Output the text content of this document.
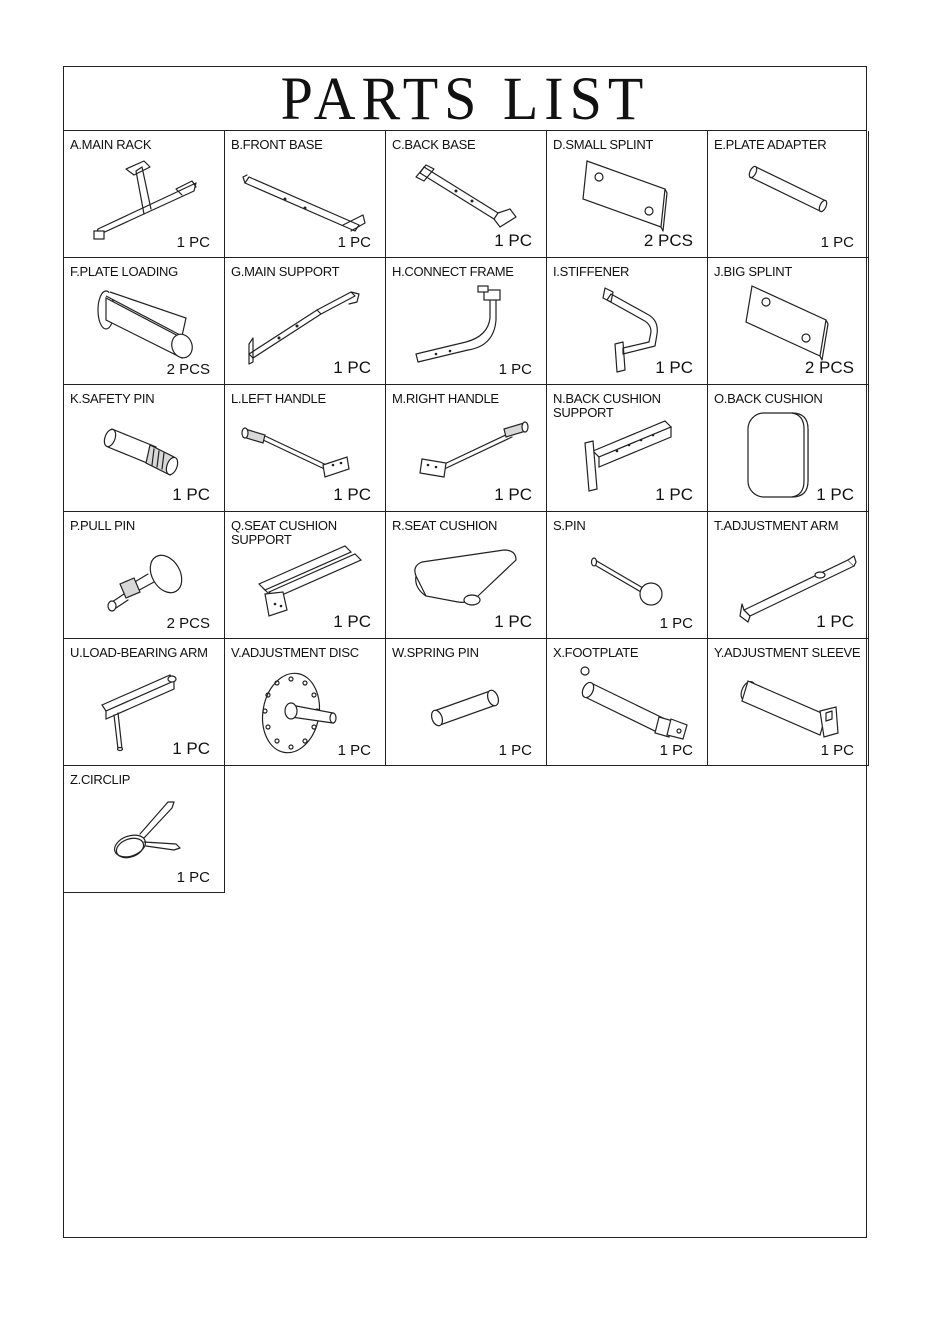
PARTS LIST
A.MAIN RACK
1 PC
B.FRONT BASE
1 PC
C.BACK BASE
1 PC
D.SMALL SPLINT
2 PCS
E.PLATE ADAPTER
1 PC
F.PLATE LOADING
2 PCS
G.MAIN SUPPORT
1 PC
H.CONNECT FRAME
1 PC
I.STIFFENER
1 PC
J.BIG SPLINT
2 PCS
K.SAFETY PIN
1 PC
L.LEFT HANDLE
1 PC
M.RIGHT HANDLE
1 PC
N.BACK CUSHION
SUPPORT
1 PC
O.BACK CUSHION
1 PC
P.PULL PIN
2 PCS
Q.SEAT CUSHION
SUPPORT
1 PC
R.SEAT CUSHION
1 PC
S.PIN
1 PC
T.ADJUSTMENT ARM
1 PC
U.LOAD-BEARING ARM
1 PC
V.ADJUSTMENT DISC
1 PC
W.SPRING PIN
1 PC
X.FOOTPLATE
1 PC
Y.ADJUSTMENT SLEEVE
1 PC
Z.CIRCLIP
1 PC
